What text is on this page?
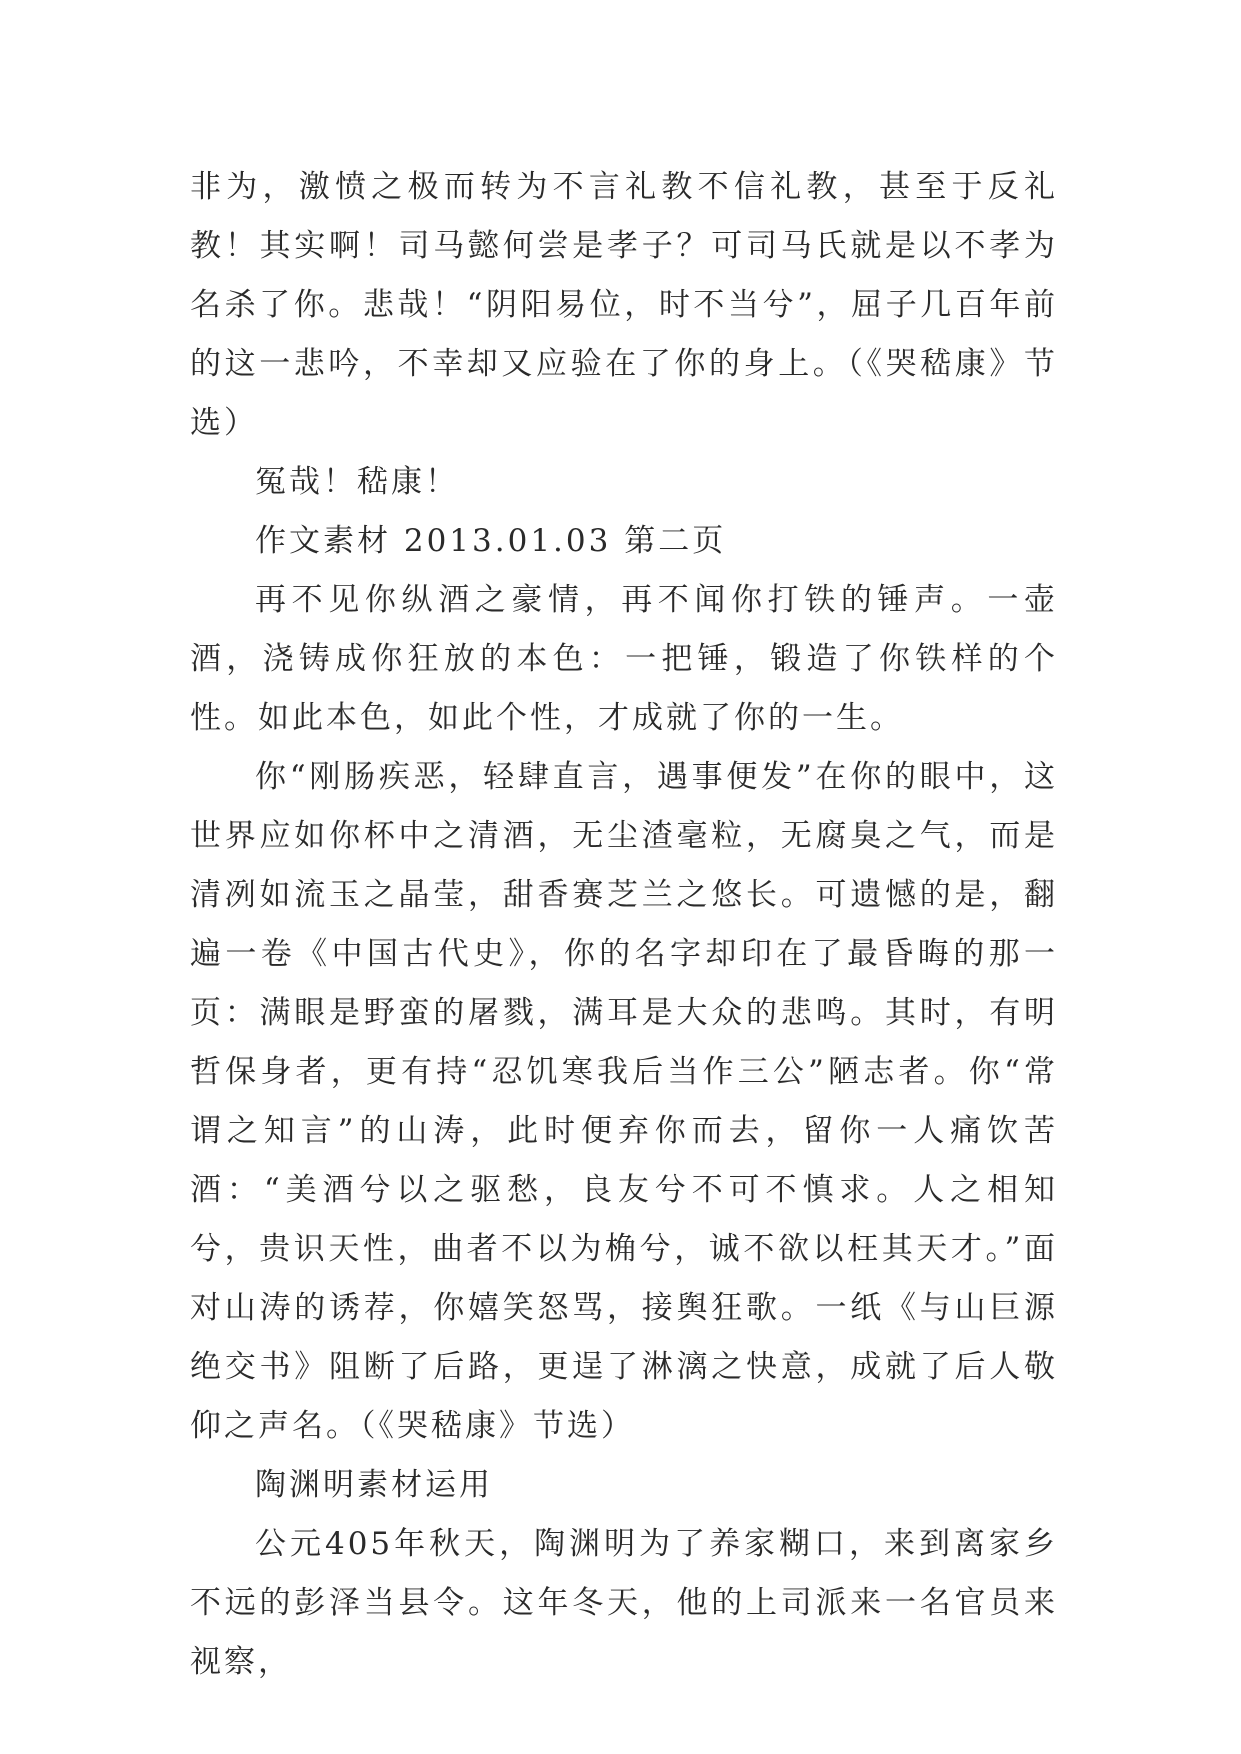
非为，激愤之极而转为不言礼教不信礼教，甚至于反礼教！其实啊！司马懿何尝是孝子？可司马氏就是以不孝为名杀了你。悲哉！“阴阳易位，时不当兮”，屈子几百年前的这一悲吟，不幸却又应验在了你的身上。（《哭嵇康》节选）

冤哉！嵇康！

作文素材 2013.01.03 第二页

再不见你纵酒之豪情，再不闻你打铁的锤声。一壶酒，浇铸成你狂放的本色：一把锤，锻造了你铁样的个性。如此本色，如此个性，才成就了你的一生。

你“刚肠疾恶，轻肆直言，遇事便发”在你的眼中，这世界应如你杯中之清酒，无尘渣毫粒，无腐臭之气，而是清冽如流玉之晶莹，甜香赛芝兰之悠长。可遗憾的是，翻遍一卷《中国古代史》，你的名字却印在了最昏晦的那一页：满眼是野蛮的屠戮，满耳是大众的悲鸣。其时，有明哲保身者，更有持“忍饥寒我后当作三公”陋志者。你“常谓之知言”的山涛，此时便弃你而去，留你一人痛饮苦酒：“美酒兮以之驱愁，良友兮不可不慎求。人之相知兮，贵识天性，曲者不以为桷兮，诚不欲以枉其天才。”面对山涛的诱荐，你嬉笑怒骂，接舆狂歌。一纸《与山巨源绝交书》阻断了后路，更逞了淋漓之快意，成就了后人敬仰之声名。（《哭嵇康》节选）

陶渊明素材运用

公元405年秋天，陶渊明为了养家糊口，来到离家乡不远的彭泽当县令。这年冬天，他的上司派来一名官员来视察，
